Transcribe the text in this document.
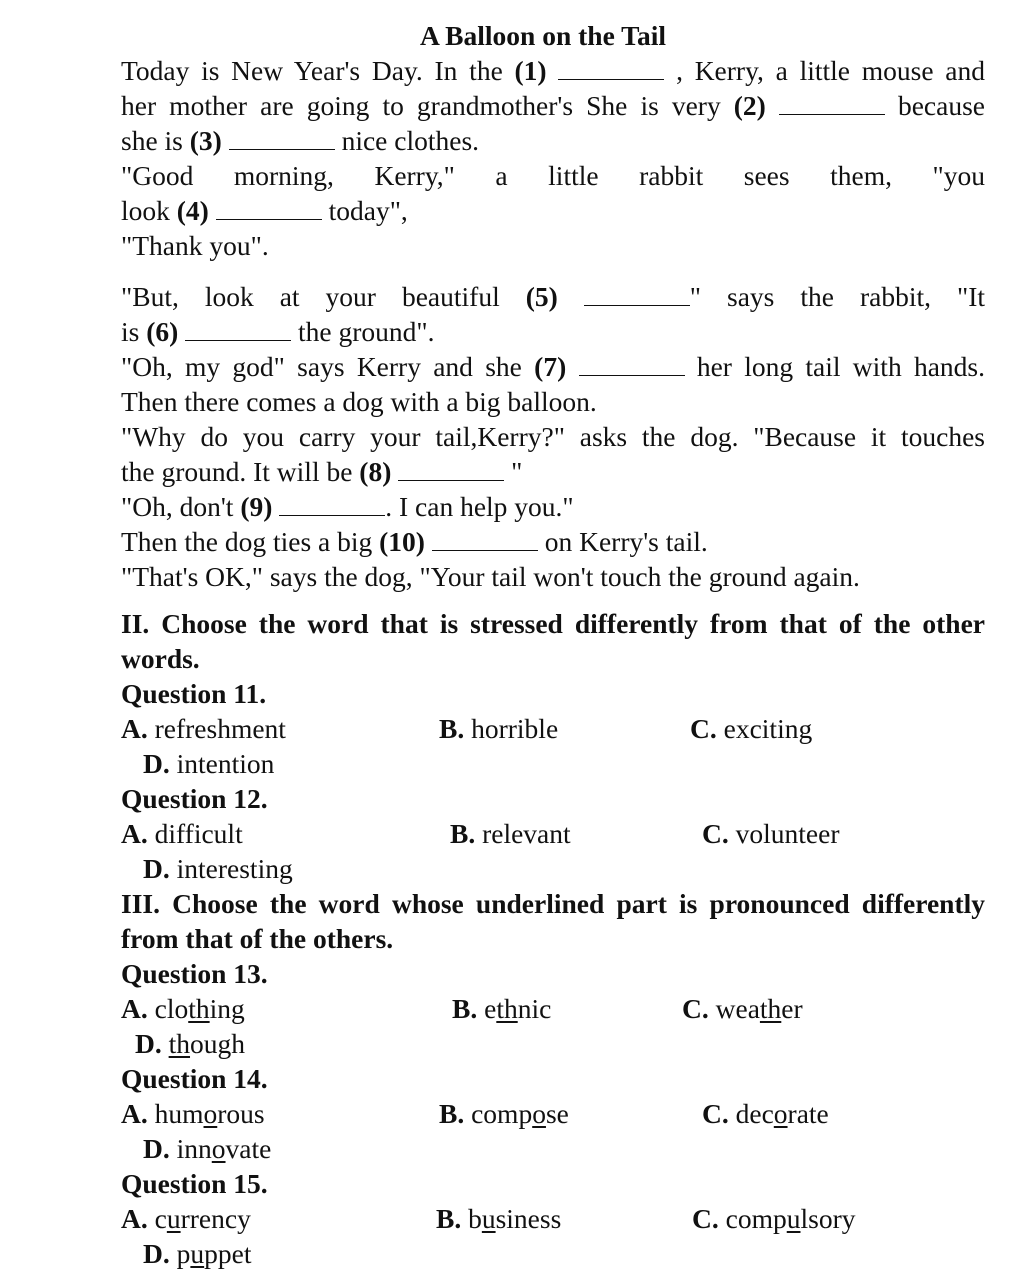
A Balloon on the Tail
Today is New Year's Day. In the (1)	, Kerry, a little mouse and
her mother are going to grandmother's She is very (2)	because
she is (3)	nice clothes.
"Good morning, Kerry," a little rabbit sees them, "you
look (4)	today",
"Thank you".
"But, look at your beautiful (5)	" says the rabbit, "It
is (6)	the ground".
"Oh, my god" says Kerry and she (7)	her long tail with hands.
Then there comes a dog with a big balloon.
"Why do you carry your tail,Kerry?" asks the dog. "Because it touches
the ground. It will be (8)	"
"Oh, don't (9)	. I can help you."
Then the dog ties a big (10)	on Kerry's tail.
"That's OK," says the dog, "Your tail won't touch the ground again.
II. Choose the word that is stressed differently from that of the other words.
Question 11.
A. refreshment	B. horrible	C. exciting
D. intention
Question 12.
A. difficult	B. relevant	C. volunteer
D. interesting
III. Choose the word whose underlined part is pronounced differently from that of the others.
Question 13.
A. clothing	B. ethnic	C. weather
D. though
Question 14.
A. humorous	B. compose	C. decorate
D. innovate
Question 15.
A. currency	B. business	C. compulsory
D. puppet
